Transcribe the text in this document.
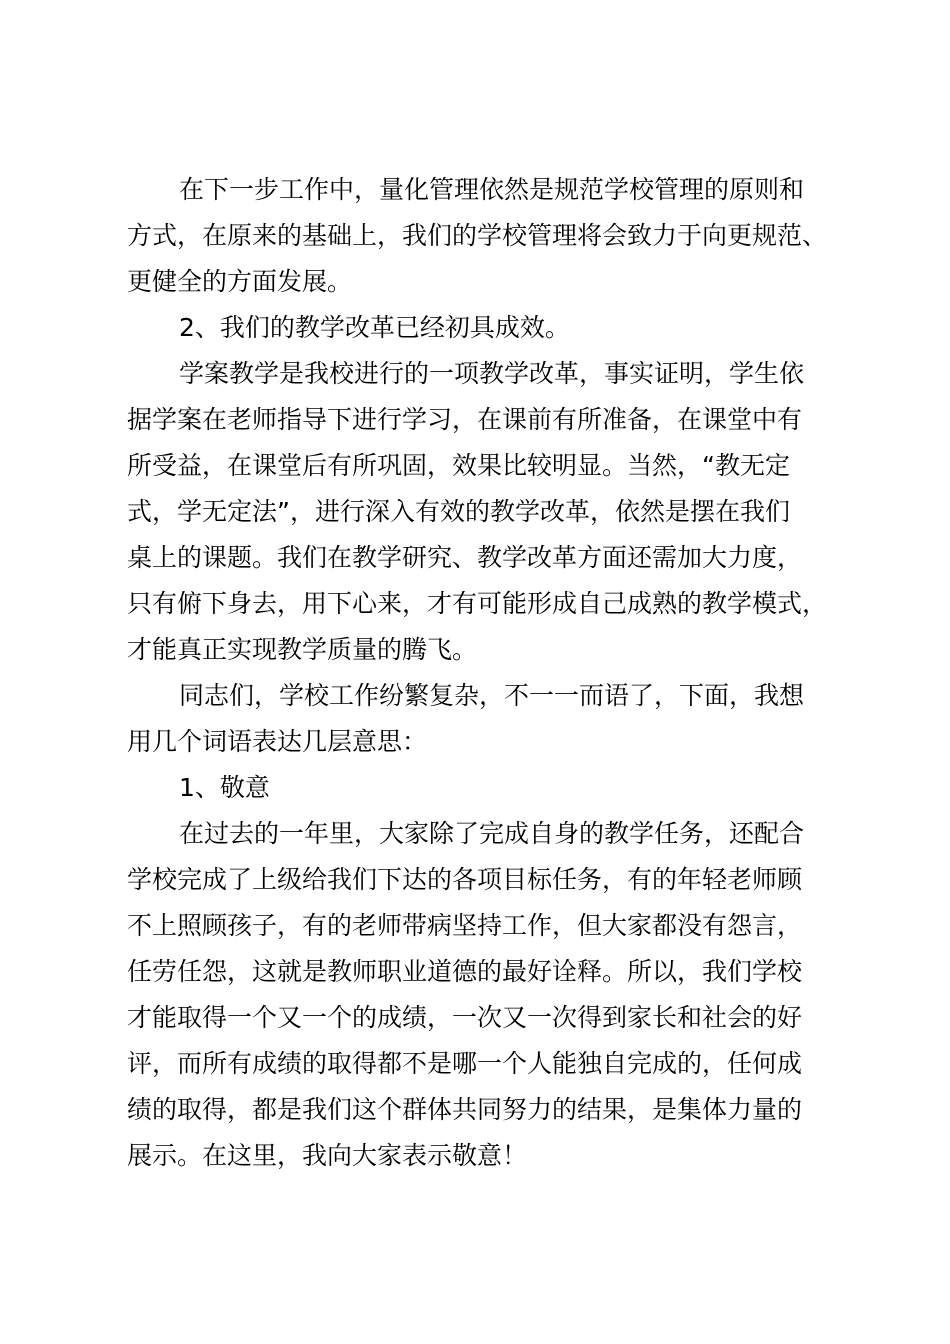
在下一步工作中，量化管理依然是规范学校管理的原则和
方式，在原来的基础上，我们的学校管理将会致力于向更规范、
更健全的方面发展。
2、我们的教学改革已经初具成效。
学案教学是我校进行的一项教学改革，事实证明，学生依
据学案在老师指导下进行学习，在课前有所准备，在课堂中有
所受益，在课堂后有所巩固，效果比较明显。当然，“教无定
式，学无定法”，进行深入有效的教学改革，依然是摆在我们
桌上的课题。我们在教学研究、教学改革方面还需加大力度，
只有俯下身去，用下心来，才有可能形成自己成熟的教学模式，
才能真正实现教学质量的腾飞。
同志们，学校工作纷繁复杂，不一一而语了，下面，我想
用几个词语表达几层意思：
1、敬意
在过去的一年里，大家除了完成自身的教学任务，还配合
学校完成了上级给我们下达的各项目标任务，有的年轻老师顾
不上照顾孩子，有的老师带病坚持工作，但大家都没有怨言，
任劳任怨，这就是教师职业道德的最好诠释。所以，我们学校
才能取得一个又一个的成绩，一次又一次得到家长和社会的好
评，而所有成绩的取得都不是哪一个人能独自完成的，任何成
绩的取得，都是我们这个群体共同努力的结果，是集体力量的
展示。在这里，我向大家表示敬意！
